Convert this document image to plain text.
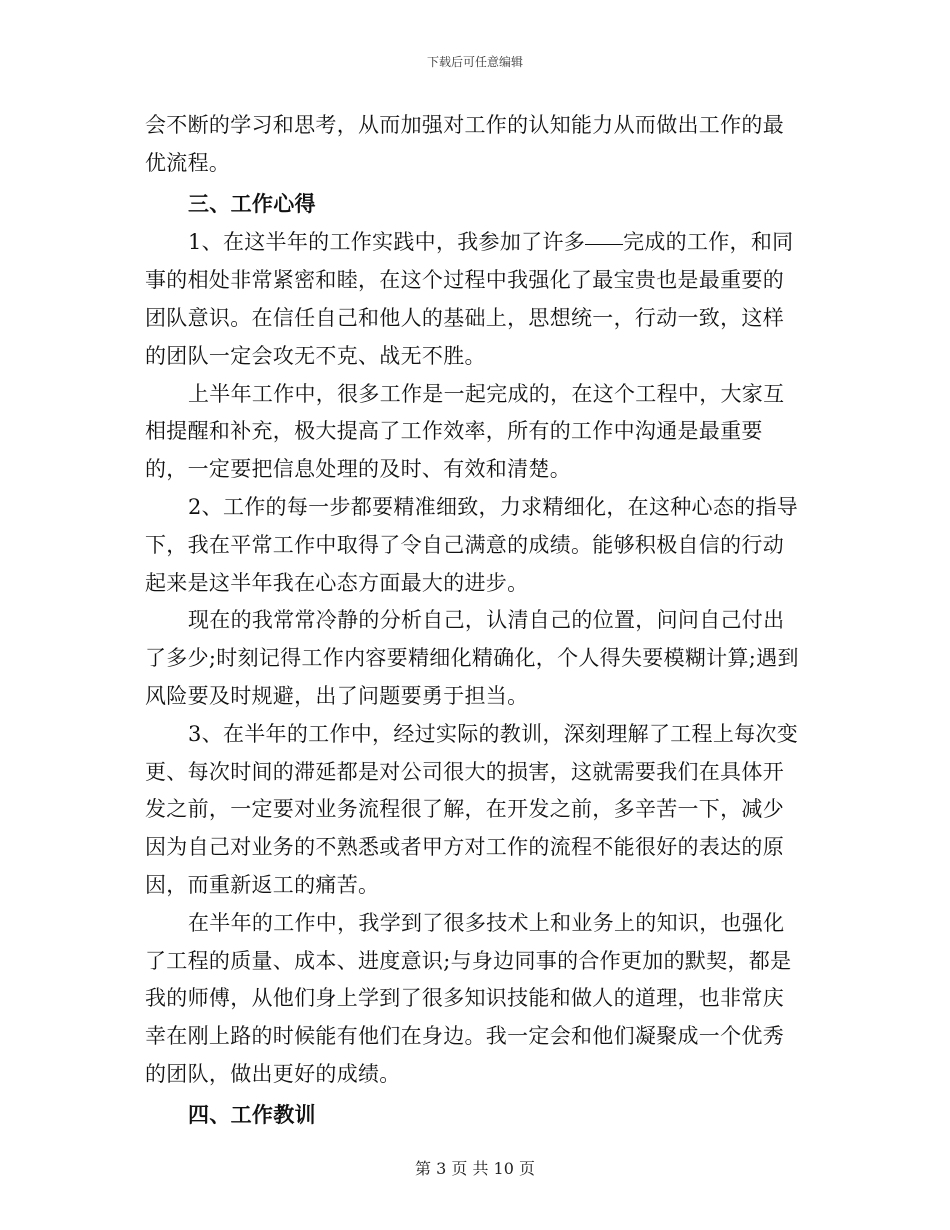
下载后可任意编辑

会不断的学习和思考，从而加强对工作的认知能力从而做出工作的最优流程。

三、工作心得

1、在这半年的工作实践中，我参加了许多 完成的工作，和同事的相处非常紧密和睦，在这个过程中我强化了最宝贵也是最重要的团队意识。在信任自己和他人的基础上，思想统一，行动一致，这样的团队一定会攻无不克、战无不胜。

上半年工作中，很多工作是一起完成的，在这个工程中，大家互相提醒和补充，极大提高了工作效率，所有的工作中沟通是最重要的，一定要把信息处理的及时、有效和清楚。

2、工作的每一步都要精准细致，力求精细化，在这种心态的指导下，我在平常工作中取得了令自己满意的成绩。能够积极自信的行动起来是这半年我在心态方面最大的进步。

现在的我常常冷静的分析自己，认清自己的位置，问问自己付出了多少;时刻记得工作内容要精细化精确化，个人得失要模糊计算;遇到风险要及时规避，出了问题要勇于担当。

3、在半年的工作中，经过实际的教训，深刻理解了工程上每次变更、每次时间的滞延都是对公司很大的损害，这就需要我们在具体开发之前，一定要对业务流程很了解，在开发之前，多辛苦一下，减少因为自己对业务的不熟悉或者甲方对工作的流程不能很好的表达的原因，而重新返工的痛苦。

在半年的工作中，我学到了很多技术上和业务上的知识，也强化了工程的质量、成本、进度意识;与身边同事的合作更加的默契，都是我的师傅，从他们身上学到了很多知识技能和做人的道理，也非常庆幸在刚上路的时候能有他们在身边。我一定会和他们凝聚成一个优秀的团队，做出更好的成绩。

四、工作教训

第 3 页 共 10 页
